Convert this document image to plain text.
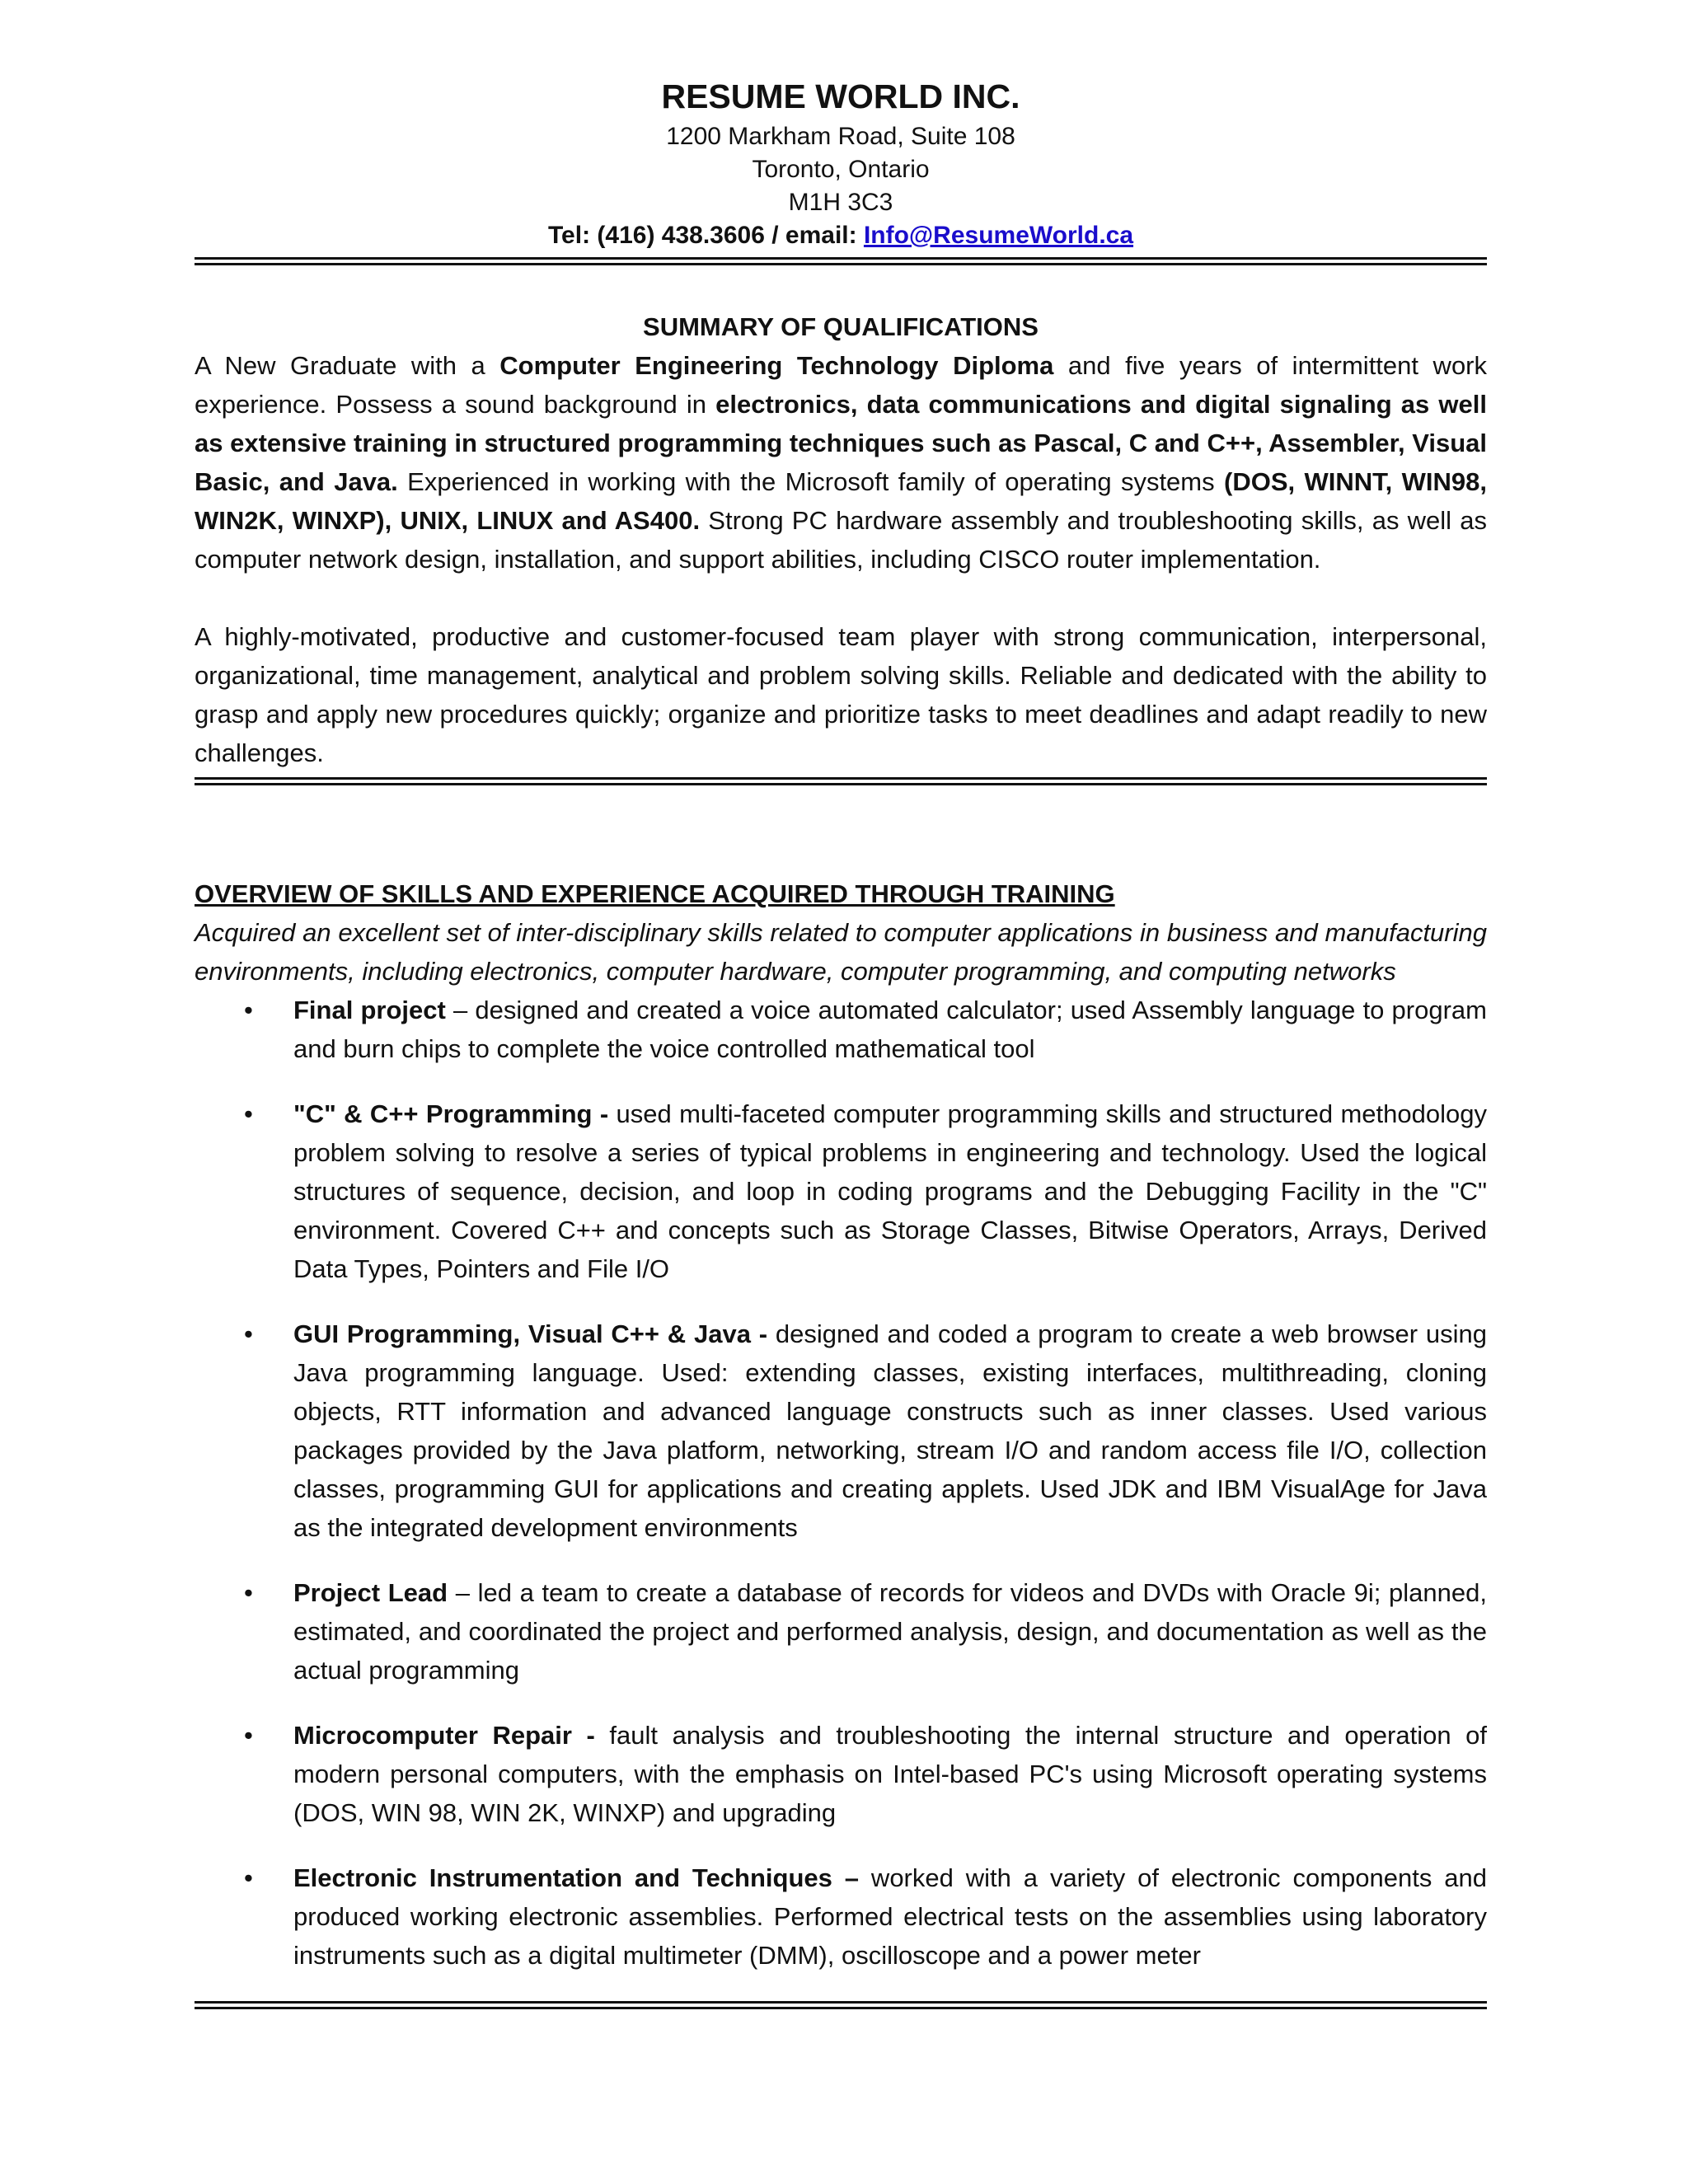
RESUME WORLD INC.
1200 Markham Road, Suite 108
Toronto, Ontario
M1H 3C3
Tel: (416) 438.3606 / email: Info@ResumeWorld.ca
SUMMARY OF QUALIFICATIONS

A New Graduate with a Computer Engineering Technology Diploma and five years of intermittent work experience. Possess a sound background in electronics, data communications and digital signaling as well as extensive training in structured programming techniques such as Pascal, C and C++, Assembler, Visual Basic, and Java. Experienced in working with the Microsoft family of operating systems (DOS, WINNT, WIN98, WIN2K, WINXP), UNIX, LINUX and AS400. Strong PC hardware assembly and troubleshooting skills, as well as computer network design, installation, and support abilities, including CISCO router implementation.

A highly-motivated, productive and customer-focused team player with strong communication, interpersonal, organizational, time management, analytical and problem solving skills. Reliable and dedicated with the ability to grasp and apply new procedures quickly; organize and prioritize tasks to meet deadlines and adapt readily to new challenges.

OVERVIEW OF SKILLS AND EXPERIENCE ACQUIRED THROUGH TRAINING

Acquired an excellent set of inter-disciplinary skills related to computer applications in business and manufacturing environments, including electronics, computer hardware, computer programming, and computing networks

• Final project – designed and created a voice automated calculator; used Assembly language to program and burn chips to complete the voice controlled mathematical tool
• "C" & C++ Programming - used multi-faceted computer programming skills and structured methodology problem solving to resolve a series of typical problems in engineering and technology. Used the logical structures of sequence, decision, and loop in coding programs and the Debugging Facility in the "C" environment. Covered C++ and concepts such as Storage Classes, Bitwise Operators, Arrays, Derived Data Types, Pointers and File I/O
• GUI Programming, Visual C++ & Java - designed and coded a program to create a web browser using Java programming language. Used: extending classes, existing interfaces, multithreading, cloning objects, RTT information and advanced language constructs such as inner classes. Used various packages provided by the Java platform, networking, stream I/O and random access file I/O, collection classes, programming GUI for applications and creating applets. Used JDK and IBM VisualAge for Java as the integrated development environments
• Project Lead – led a team to create a database of records for videos and DVDs with Oracle 9i; planned, estimated, and coordinated the project and performed analysis, design, and documentation as well as the actual programming
• Microcomputer Repair - fault analysis and troubleshooting the internal structure and operation of modern personal computers, with the emphasis on Intel-based PC's using Microsoft operating systems (DOS, WIN 98, WIN 2K, WINXP) and upgrading
• Electronic Instrumentation and Techniques – worked with a variety of electronic components and produced working electronic assemblies. Performed electrical tests on the assemblies using laboratory instruments such as a digital multimeter (DMM), oscilloscope and a power meter
